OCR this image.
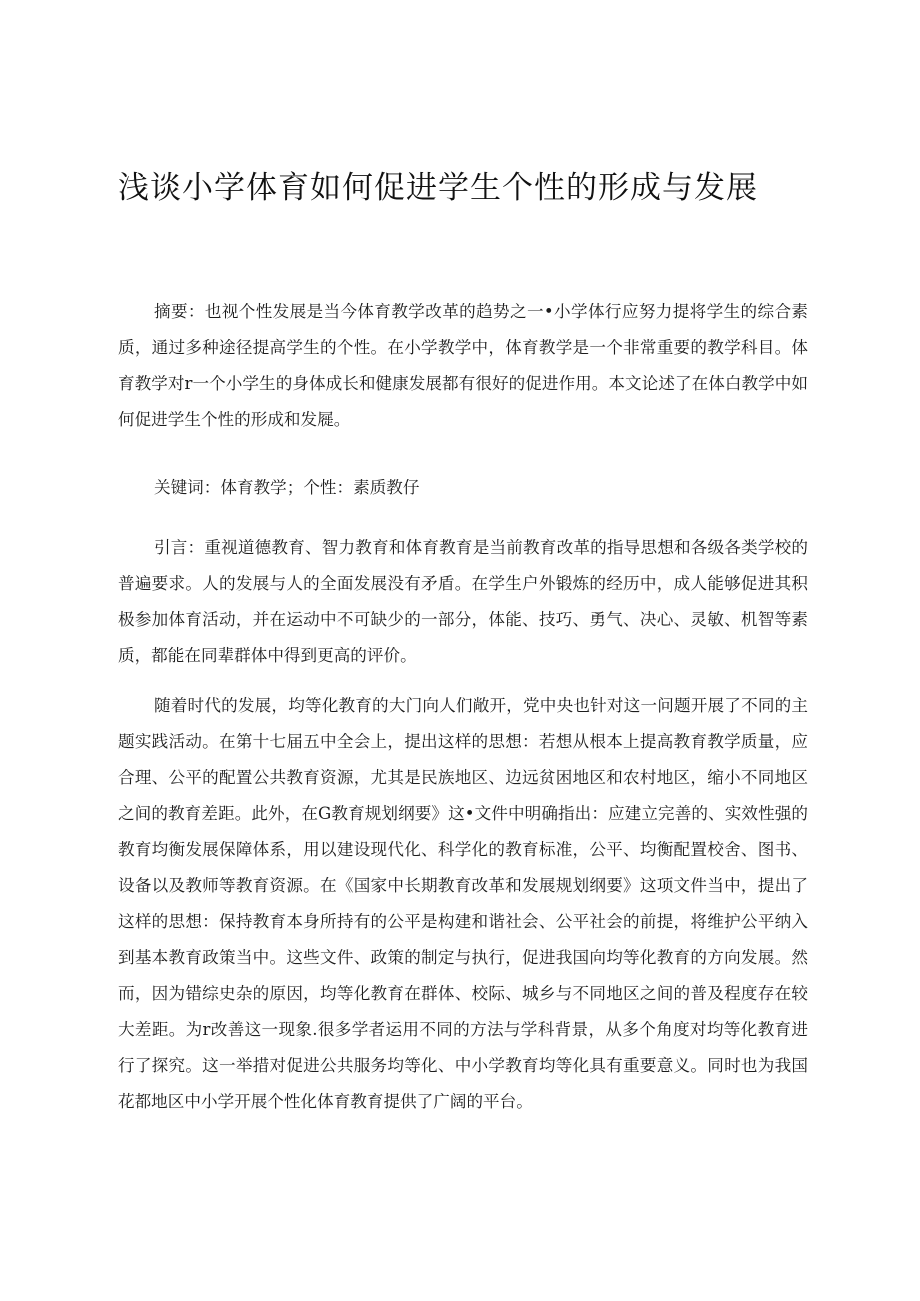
浅谈小学体育如何促进学生个性的形成与发展

摘要：也视个性发展是当今体育教学改革的趋势之一•小学体行应努力提将学生的综合素质，通过多种途径提高学生的个性。在小学教学中，体育教学是一个非常重要的教学科目。体育教学对r一个小学生的身体成长和健康发展都有很好的促进作用。本文论述了在体白教学中如何促进学生个性的形成和发屣。

关键词：体育教学；个性：素质教仔

引言：重视道德教育、智力教育和体育教育是当前教育改革的指导思想和各级各类学校的普遍要求。人的发展与人的全面发展没有矛盾。在学生户外锻炼的经历中，成人能够促进其积极参加体育活动，并在运动中不可缺少的一部分，体能、技巧、勇气、决心、灵敏、机智等素质，都能在同辈群体中得到更高的评价。

随着时代的发展，均等化教育的大门向人们敞开，党中央也针对这一问题开展了不同的主题实践活动。在第十七届五中全会上，提出这样的思想：若想从根本上提高教育教学质量，应合理、公平的配置公共教育资源，尤其是民族地区、边远贫困地区和农村地区，缩小不同地区之间的教育差距。此外，在G教育规划纲要》这•文件中明确指出：应建立完善的、实效性强的教育均衡发展保障体系，用以建设现代化、科学化的教育标准，公平、均衡配置校舍、图书、设备以及教师等教育资源。在《国家中长期教育改革和发展规划纲要》这项文件当中，提出了这样的思想：保持教育本身所持有的公平是构建和谐社会、公平社会的前提，将维护公平纳入到基本教育政策当中。这些文件、政策的制定与执行，促进我国向均等化教育的方向发展。然而，因为错综史杂的原因，均等化教育在群体、校际、城乡与不同地区之间的普及程度存在较大差距。为r改善这一现象.很多学者运用不同的方法与学科背景，从多个角度对均等化教育进行了探究。这一举措对促进公共服务均等化、中小学教育均等化具有重要意义。同时也为我国花都地区中小学开展个性化体育教育提供了广阔的平台。
